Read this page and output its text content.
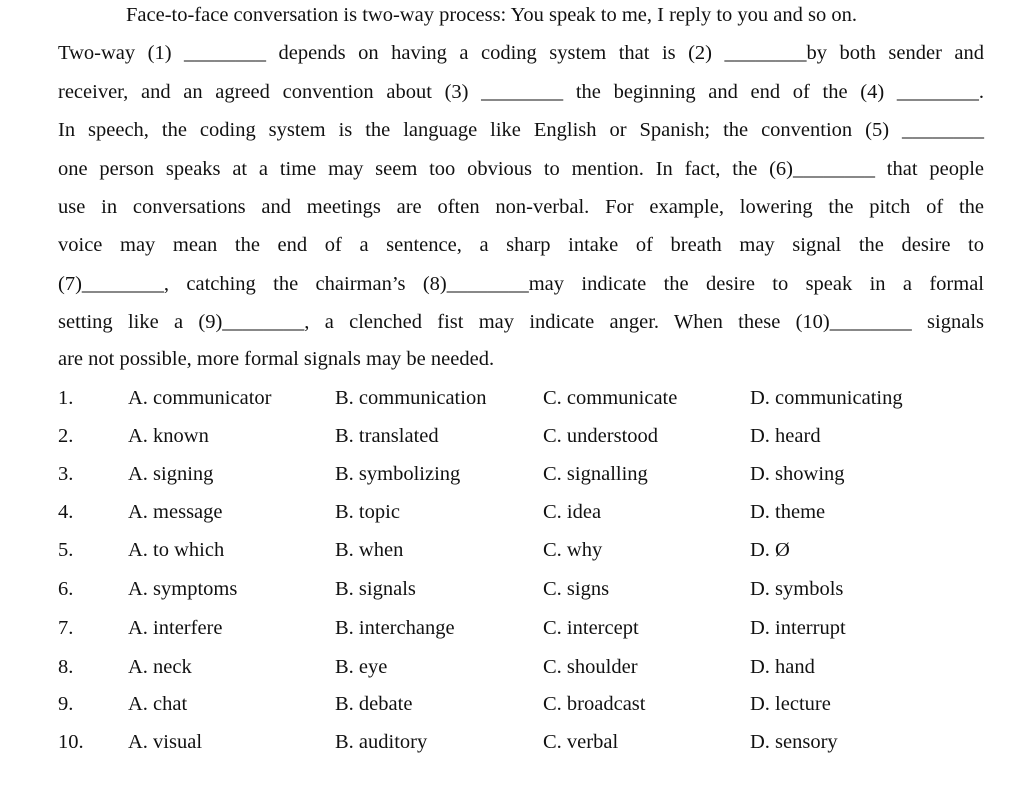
Face-to-face conversation is two-way process: You speak to me, I reply to you and so on.
Two-way (1) ________ depends on having a coding system that is (2) ________by both sender and
receiver, and an agreed convention about (3) ________ the beginning and end of the (4) ________.
In speech, the coding system is the language like English or Spanish; the convention (5) ________
one person speaks at a time may seem too obvious to mention. In fact, the (6)________ that people
use in conversations and meetings are often non-verbal. For example, lowering the pitch of the
voice may mean the end of a sentence, a sharp intake of breath may signal the desire to
(7)________, catching the chairman’s (8)________may indicate the desire to speak in a formal
setting like a (9)________, a clenched fist may indicate anger. When these (10)________ signals
are not possible, more formal signals may be needed.
1.	A. communicator	B. communication	C. communicate	D. communicating
2.	A. known	B. translated	C. understood	D. heard
3.	A. signing	B. symbolizing	C. signalling	D. showing
4.	A. message	B. topic	C. idea	D. theme
5.	A. to which	B. when	C. why	D. Ø
6.	A. symptoms	B. signals	C. signs	D. symbols
7.	A. interfere	B. interchange	C. intercept	D. interrupt
8.	A. neck	B. eye	C. shoulder	D. hand
9.	A. chat	B. debate	C. broadcast	D. lecture
10. A. visual	B. auditory	C. verbal	D. sensory
